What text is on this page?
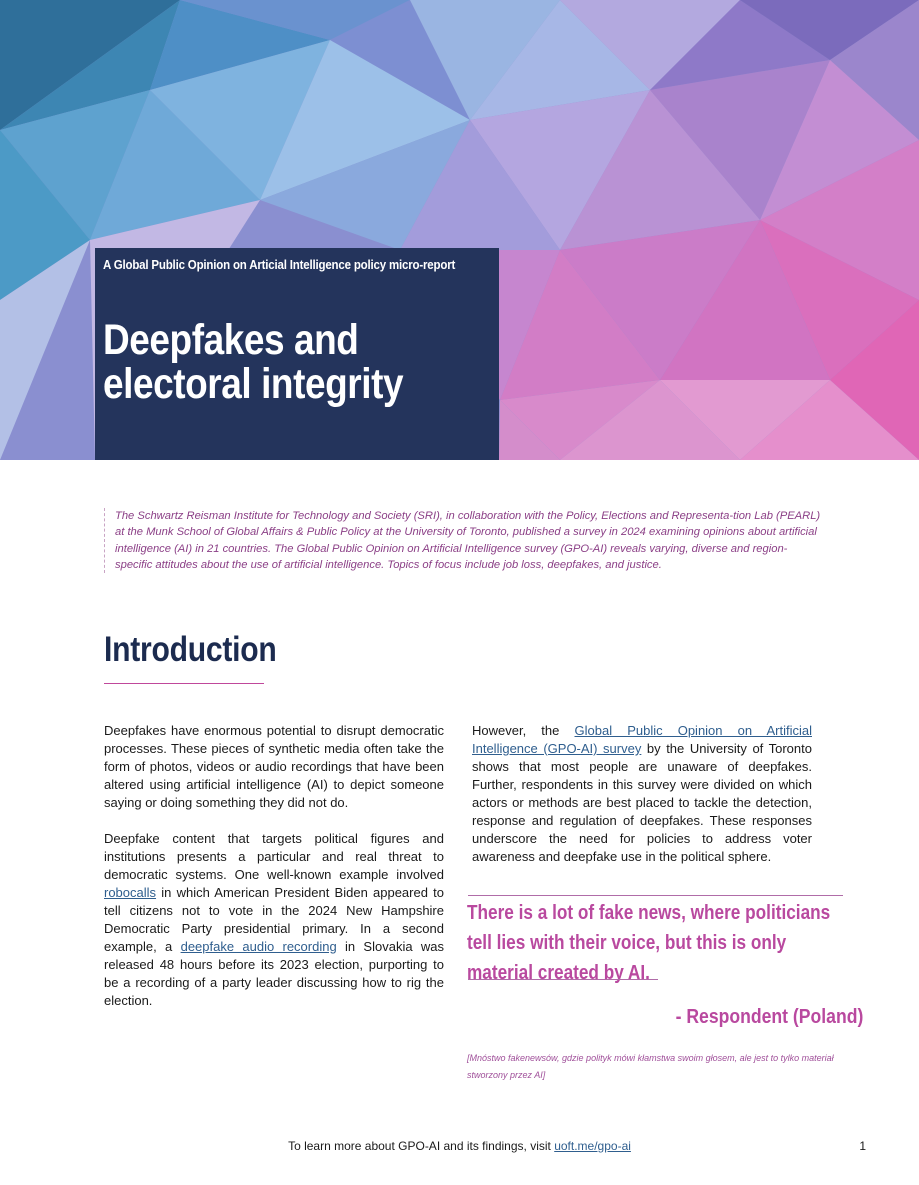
A Global Public Opinion on Articial Intelligence policy micro-report
Deepfakes and electoral integrity

The Schwartz Reisman Institute for Technology and Society (SRI), in collaboration with the Policy, Elections and Representa-tion Lab (PEARL) at the Munk School of Global Affairs & Public Policy at the University of Toronto, published a survey in 2024 examining opinions about artificial intelligence (AI) in 21 countries. The Global Public Opinion on Artificial Intelligence survey (GPO-AI) reveals varying, diverse and region-specific attitudes about the use of artificial intelligence. Topics of focus include job loss, deepfakes, and justice.

Introduction

Deepfakes have enormous potential to disrupt democratic processes. These pieces of synthetic media often take the form of photos, videos or audio recordings that have been altered using artificial intelligence (AI) to depict someone saying or doing something they did not do.

Deepfake content that targets political figures and institutions presents a particular and real threat to democratic systems. One well-known example involved robocalls in which American President Biden appeared to tell citizens not to vote in the 2024 New Hampshire Democratic Party presidential primary. In a second example, a deepfake audio recording in Slovakia was released 48 hours before its 2023 election, purporting to be a recording of a party leader discussing how to rig the election.

However, the Global Public Opinion on Artificial Intelligence (GPO-AI) survey by the University of Toronto shows that most people are unaware of deepfakes. Further, respondents in this survey were divided on which actors or methods are best placed to tackle the detection, response and regulation of deepfakes. These responses underscore the need for policies to address voter awareness and deepfake use in the political sphere.

There is a lot of fake news, where politicians tell lies with their voice, but this is only material created by AI.

- Respondent (Poland)

[Mnóstwo fakenewsów, gdzie polityk mówi kłamstwa swoim głosem, ale jest to tylko materiał stworzony przez AI]

To learn more about GPO-AI and its findings, visit uoft.me/gpo-ai	1
